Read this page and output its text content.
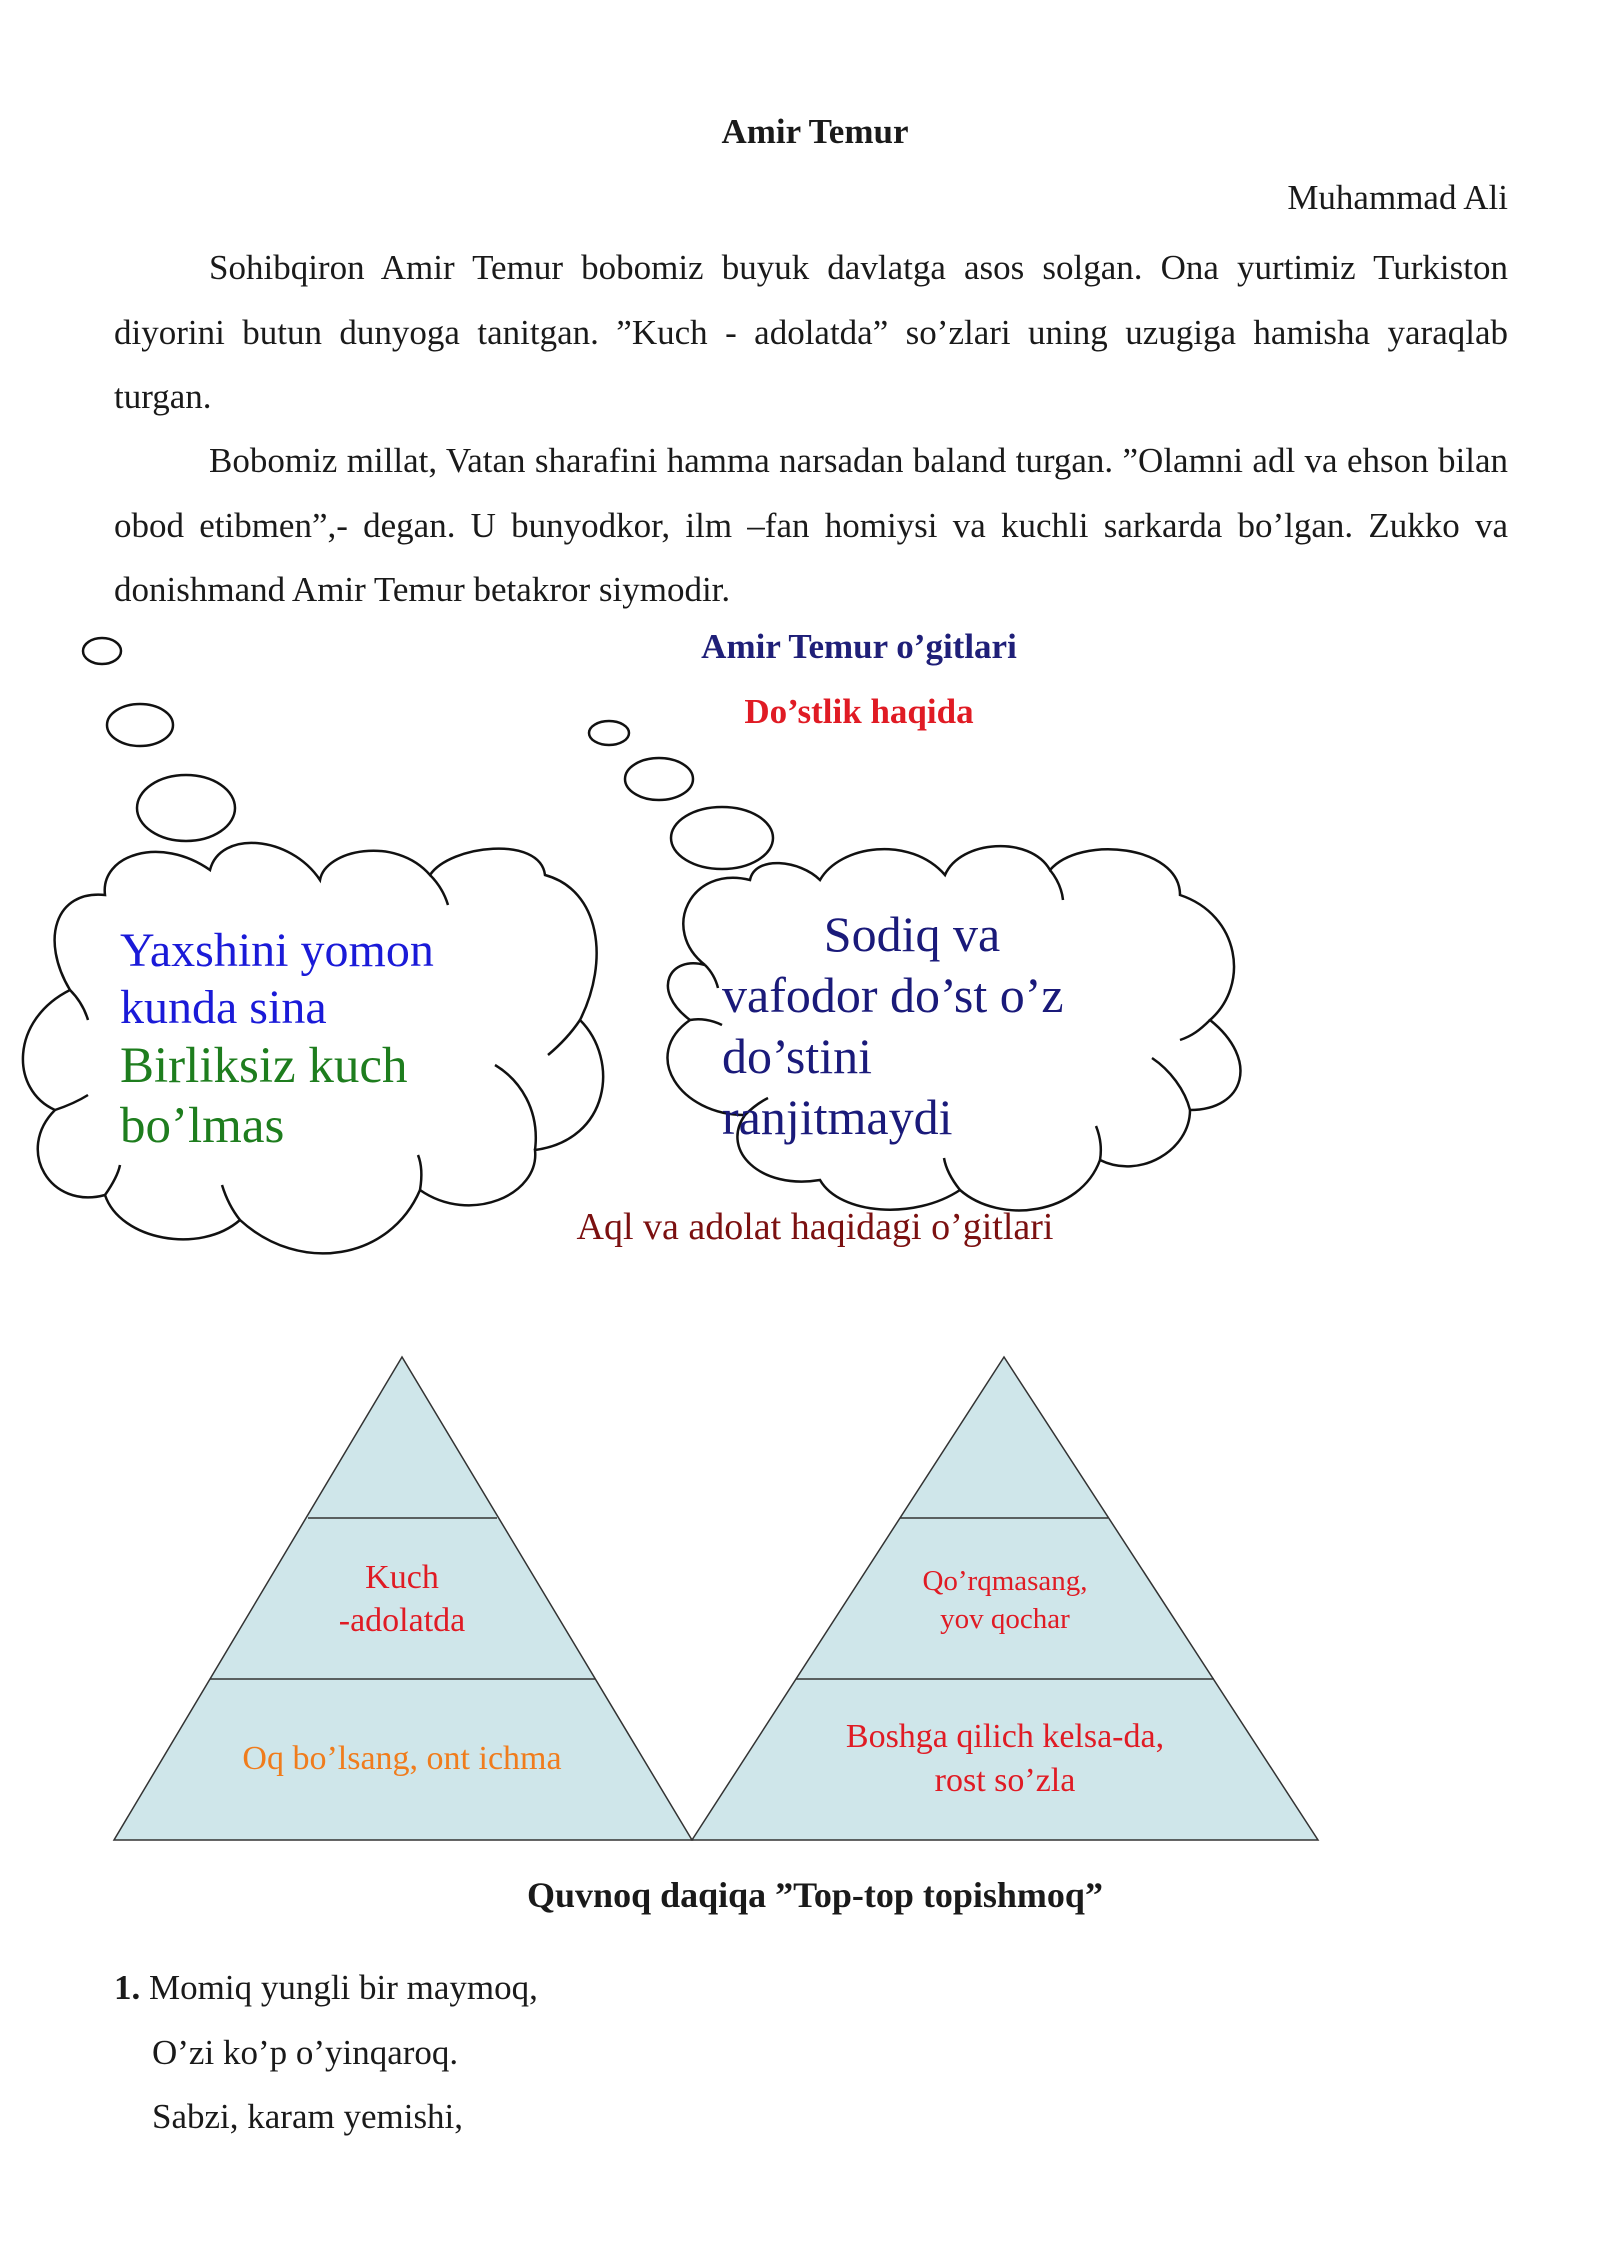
Amir Temur
Muhammad Ali
Sohibqiron Amir Temur bobomiz buyuk davlatga asos solgan. Ona yurtimiz Turkiston diyorini butun dunyoga tanitgan. ”Kuch - adolatda” so’zlari uning uzugiga hamisha yaraqlab turgan.
Bobomiz millat, Vatan sharafini hamma narsadan baland turgan. ”Olamni adl va ehson bilan obod etibmen”,- degan. U bunyodkor, ilm –fan homiysi va kuchli sarkarda bo’lgan. Zukko va donishmand Amir Temur betakror siymodir.
Amir Temur o’gitlari
Do’stlik haqida
Yaxshini yomon
kunda sina
Birliksiz kuch
bo’lmas
Sodiq va
vafodor do’st o’z
do’stini
ranjitmaydi
Aql va adolat haqidagi o’gitlari
Kuch
-adolatda
Oq bo’lsang, ont ichma
Qo’rqmasang,
yov qochar
Boshga qilich kelsa-da,
rost so’zla
Quvnoq daqiqa ”Top-top topishmoq”
1. Momiq yungli bir maymoq,
O’zi ko’p o’yinqaroq.
Sabzi, karam yemishi,
